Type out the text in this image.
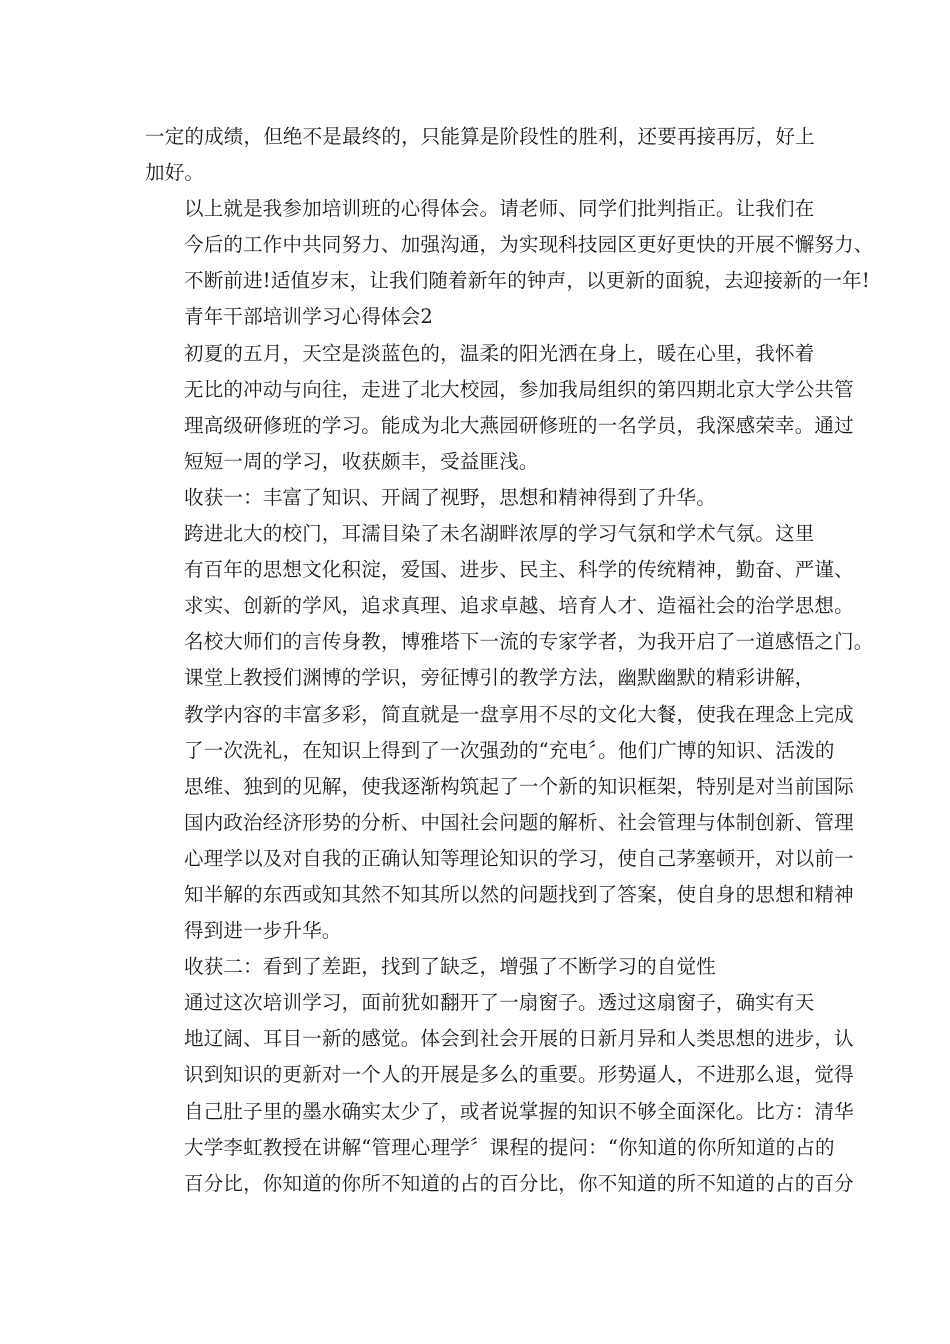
一定的成绩，但绝不是最终的，只能算是阶段性的胜利，还要再接再厉，好上
加好。

以上就是我参加培训班的心得体会。请老师、同学们批判指正。让我们在
今后的工作中共同努力、加强沟通，为实现科技园区更好更快的开展不懈努力、
不断前进!适值岁末，让我们随着新年的钟声，以更新的面貌，去迎接新的一年!

青年干部培训学习心得体会2

初夏的五月，天空是淡蓝色的，温柔的阳光洒在身上，暖在心里，我怀着
无比的冲动与向往，走进了北大校园，参加我局组织的第四期北京大学公共管
理高级研修班的学习。能成为北大燕园研修班的一名学员，我深感荣幸。通过
短短一周的学习，收获颇丰，受益匪浅。

收获一：丰富了知识、开阔了视野，思想和精神得到了升华。

跨进北大的校门，耳濡目染了未名湖畔浓厚的学习气氛和学术气氛。这里
有百年的思想文化积淀，爱国、进步、民主、科学的传统精神，勤奋、严谨、
求实、创新的学风，追求真理、追求卓越、培育人才、造福社会的治学思想。
名校大师们的言传身教，博雅塔下一流的专家学者，为我开启了一道感悟之门。

课堂上教授们渊博的学识，旁征博引的教学方法，幽默幽默的精彩讲解，
教学内容的丰富多彩，简直就是一盘享用不尽的文化大餐，使我在理念上完成
了一次洗礼，在知识上得到了一次强劲的“充电〞。他们广博的知识、活泼的
思维、独到的见解，使我逐渐构筑起了一个新的知识框架，特别是对当前国际
国内政治经济形势的分析、中国社会问题的解析、社会管理与体制创新、管理
心理学以及对自我的正确认知等理论知识的学习，使自己茅塞顿开，对以前一
知半解的东西或知其然不知其所以然的问题找到了答案，使自身的思想和精神
得到进一步升华。

收获二：看到了差距，找到了缺乏，增强了不断学习的自觉性

通过这次培训学习，面前犹如翻开了一扇窗子。透过这扇窗子，确实有天
地辽阔、耳目一新的感觉。体会到社会开展的日新月异和人类思想的进步，认
识到知识的更新对一个人的开展是多么的重要。形势逼人，不进那么退，觉得
自己肚子里的墨水确实太少了，或者说掌握的知识不够全面深化。比方：清华
大学李虹教授在讲解“管理心理学〞课程的提问：“你知道的你所知道的占的
百分比，你知道的你所不知道的占的百分比，你不知道的所不知道的占的百分
